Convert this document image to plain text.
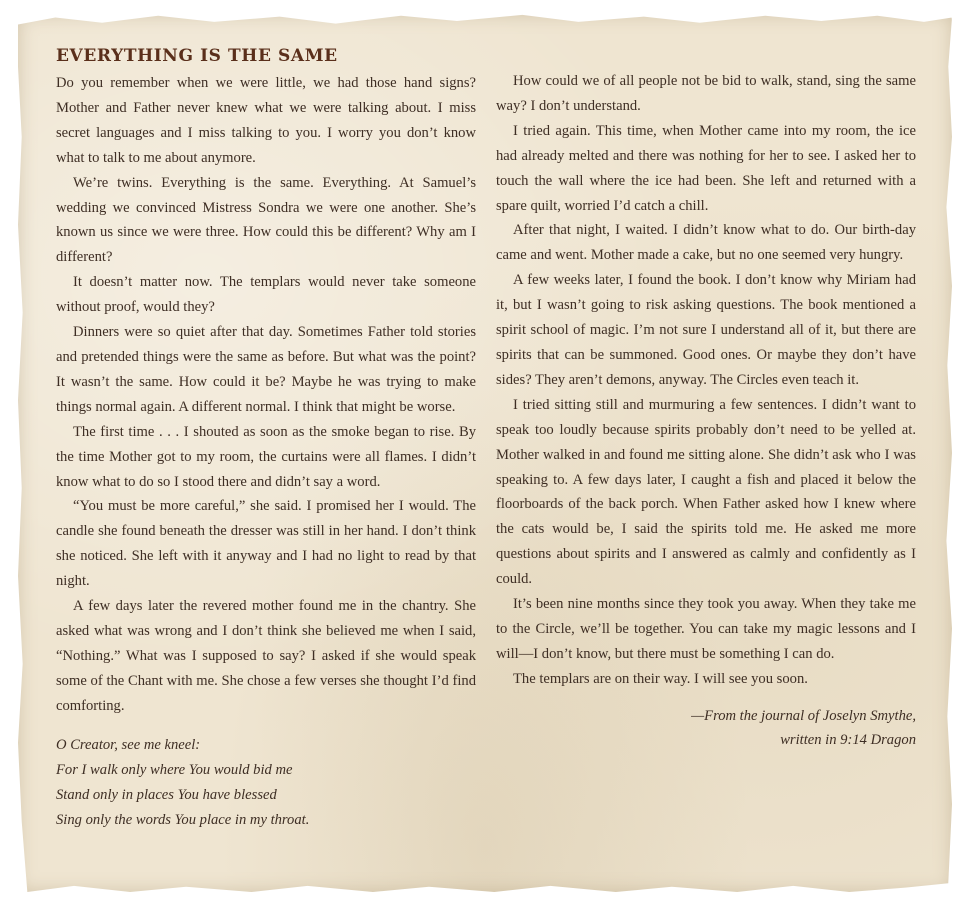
EVERYTHING IS THE SAME

Do you remember when we were little, we had those hand signs? Mother and Father never knew what we were talking about. I miss secret languages and I miss talking to you. I worry you don’t know what to talk to me about anymore.

We’re twins. Everything is the same. Everything. At Samuel’s wedding we convinced Mistress Sondra we were one another. She’s known us since we were three. How could this be different? Why am I different?

It doesn’t matter now. The templars would never take someone without proof, would they?

Dinners were so quiet after that day. Sometimes Father told stories and pretended things were the same as before. But what was the point? It wasn’t the same. How could it be? Maybe he was trying to make things normal again. A different normal. I think that might be worse.

The first time . . . I shouted as soon as the smoke began to rise. By the time Mother got to my room, the curtains were all flames. I didn’t know what to do so I stood there and didn’t say a word.

“You must be more careful,” she said. I promised her I would. The candle she found beneath the dresser was still in her hand. I don’t think she noticed. She left with it anyway and I had no light to read by that night.

A few days later the revered mother found me in the chantry. She asked what was wrong and I don’t think she believed me when I said, “Nothing.” What was I supposed to say? I asked if she would speak some of the Chant with me. She chose a few verses she thought I’d find comforting.

O Creator, see me kneel:
For I walk only where You would bid me
Stand only in places You have blessed
Sing only the words You place in my throat.

How could we of all people not be bid to walk, stand, sing the same way? I don’t understand.

I tried again. This time, when Mother came into my room, the ice had already melted and there was nothing for her to see. I asked her to touch the wall where the ice had been. She left and returned with a spare quilt, worried I’d catch a chill.

After that night, I waited. I didn’t know what to do. Our birth-day came and went. Mother made a cake, but no one seemed very hungry.

A few weeks later, I found the book. I don’t know why Miriam had it, but I wasn’t going to risk asking questions. The book mentioned a spirit school of magic. I’m not sure I understand all of it, but there are spirits that can be summoned. Good ones. Or maybe they don’t have sides? They aren’t demons, anyway. The Circles even teach it.

I tried sitting still and murmuring a few sentences. I didn’t want to speak too loudly because spirits probably don’t need to be yelled at. Mother walked in and found me sitting alone. She didn’t ask who I was speaking to. A few days later, I caught a fish and placed it below the floorboards of the back porch. When Father asked how I knew where the cats would be, I said the spirits told me. He asked me more questions about spirits and I answered as calmly and confidently as I could.

It’s been nine months since they took you away. When they take me to the Circle, we’ll be together. You can take my magic lessons and I will—I don’t know, but there must be something I can do.

The templars are on their way. I will see you soon.

—From the journal of Joselyn Smythe,
written in 9:14 Dragon
